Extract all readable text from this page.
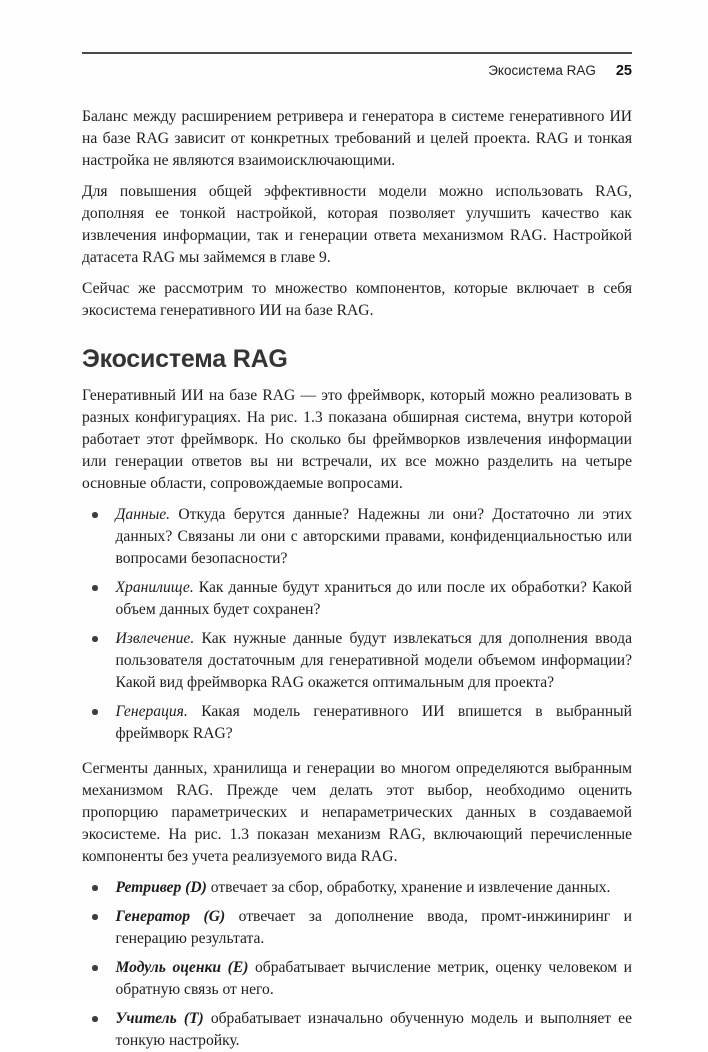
Экосистема RAG 25

Баланс между расширением ретривера и генератора в системе генеративного ИИ на базе RAG зависит от конкретных требований и целей проекта. RAG и тонкая настройка не являются взаимоисключающими.

Для повышения общей эффективности модели можно использовать RAG, дополняя ее тонкой настройкой, которая позволяет улучшить качество как извлечения информации, так и генерации ответа механизмом RAG. Настройкой датасета RAG мы займемся в главе 9.

Сейчас же рассмотрим то множество компонентов, которые включает в себя экосистема генеративного ИИ на базе RAG.

Экосистема RAG

Генеративный ИИ на базе RAG — это фреймворк, который можно реализовать в разных конфигурациях. На рис. 1.3 показана обширная система, внутри которой работает этот фреймворк. Но сколько бы фреймворков извлечения информации или генерации ответов вы ни встречали, их все можно разделить на четыре основные области, сопровождаемые вопросами.

Данные. Откуда берутся данные? Надежны ли они? Достаточно ли этих данных? Связаны ли они с авторскими правами, конфиденциальностью или вопросами безопасности?
Хранилище. Как данные будут храниться до или после их обработки? Какой объем данных будет сохранен?
Извлечение. Как нужные данные будут извлекаться для дополнения ввода пользователя достаточным для генеративной модели объемом информации? Какой вид фреймворка RAG окажется оптимальным для проекта?
Генерация. Какая модель генеративного ИИ впишется в выбранный фреймворк RAG?

Сегменты данных, хранилища и генерации во многом определяются выбранным механизмом RAG. Прежде чем делать этот выбор, необходимо оценить пропорцию параметрических и непараметрических данных в создаваемой экосистеме. На рис. 1.3 показан механизм RAG, включающий перечисленные компоненты без учета реализуемого вида RAG.

Ретривер (D) отвечает за сбор, обработку, хранение и извлечение данных.
Генератор (G) отвечает за дополнение ввода, промт-инжиниринг и генерацию результата.
Модуль оценки (E) обрабатывает вычисление метрик, оценку человеком и обратную связь от него.
Учитель (T) обрабатывает изначально обученную модель и выполняет ее тонкую настройку.
